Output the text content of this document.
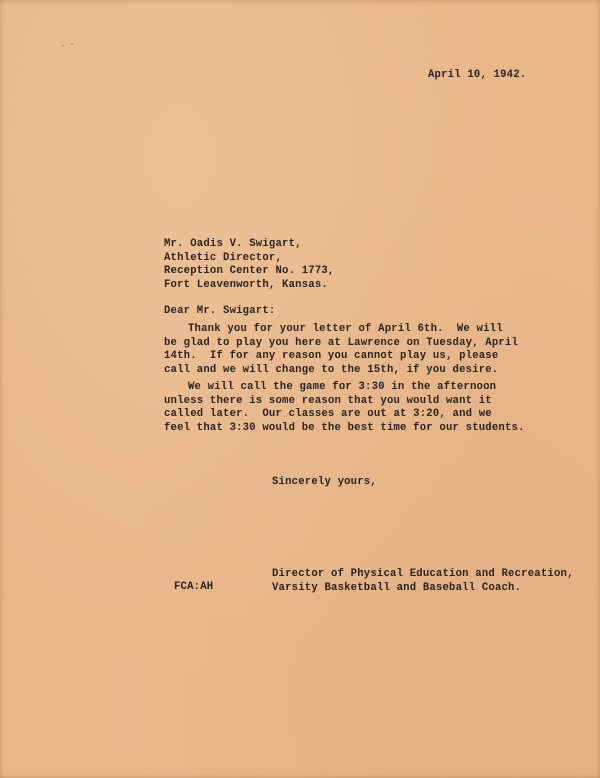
April 10, 1942.
Mr. Oadis V. Swigart,
Athletic Director,
Reception Center No. 1773,
Fort Leavenworth, Kansas.
Dear Mr. Swigart:
Thank you for your letter of April 6th.  We will
be glad to play you here at Lawrence on Tuesday, April
14th.  If for any reason you cannot play us, please
call and we will change to the 15th, if you desire.
We will call the game for 3:30 in the afternoon
unless there is some reason that you would want it
called later.  Our classes are out at 3:20, and we
feel that 3:30 would be the best time for our students.
Sincerely yours,
Director of Physical Education and Recreation,
Varsity Basketball and Baseball Coach.
FCA:AH
